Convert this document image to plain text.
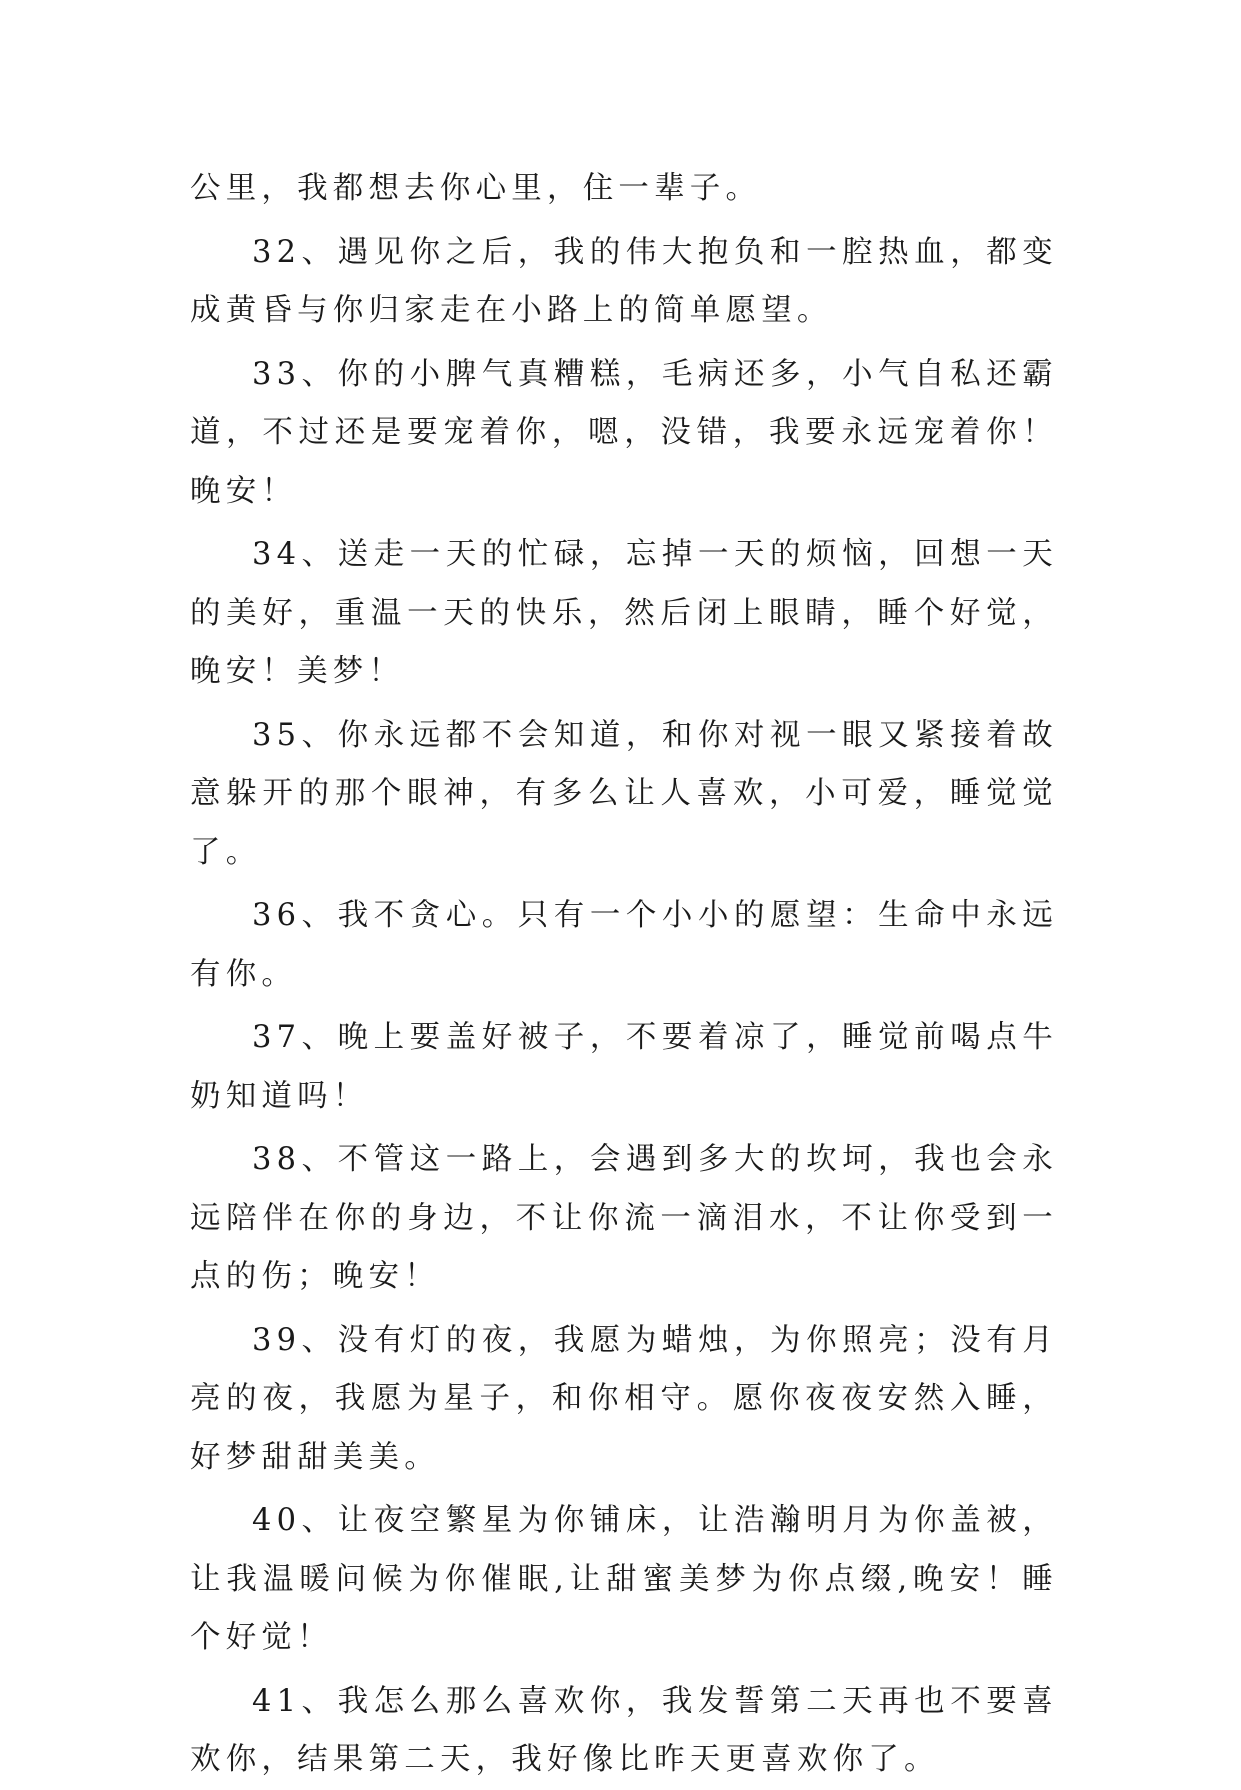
公里，我都想去你心里，住一辈子。

32、遇见你之后，我的伟大抱负和一腔热血，都变成黄昏与你归家走在小路上的简单愿望。

33、你的小脾气真糟糕，毛病还多，小气自私还霸道，不过还是要宠着你，嗯，没错，我要永远宠着你！晚安！

34、送走一天的忙碌，忘掉一天的烦恼，回想一天的美好，重温一天的快乐，然后闭上眼睛，睡个好觉，晚安！美梦！

35、你永远都不会知道，和你对视一眼又紧接着故意躲开的那个眼神，有多么让人喜欢，小可爱，睡觉觉了。

36、我不贪心。只有一个小小的愿望：生命中永远有你。

37、晚上要盖好被子，不要着凉了，睡觉前喝点牛奶知道吗！

38、不管这一路上，会遇到多大的坎坷，我也会永远陪伴在你的身边，不让你流一滴泪水，不让你受到一点的伤；晚安！

39、没有灯的夜，我愿为蜡烛，为你照亮；没有月亮的夜，我愿为星子，和你相守。愿你夜夜安然入睡，好梦甜甜美美。

40、让夜空繁星为你铺床，让浩瀚明月为你盖被，让我温暖问候为你催眠,让甜蜜美梦为你点缀,晚安！睡个好觉！

41、我怎么那么喜欢你，我发誓第二天再也不要喜欢你，结果第二天，我好像比昨天更喜欢你了。
